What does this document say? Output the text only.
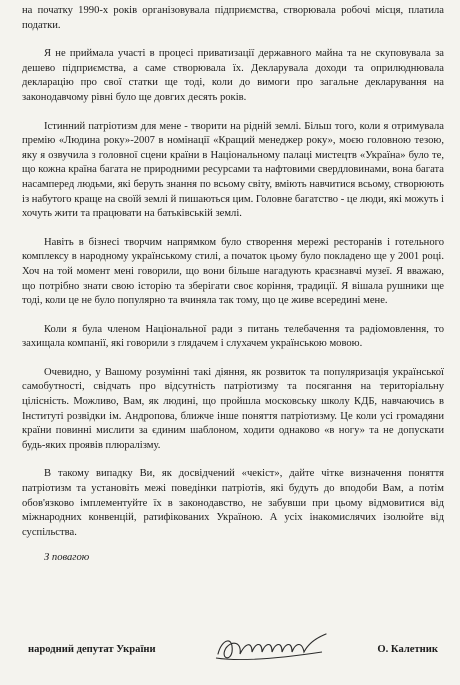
на початку 1990-х років організовувала підприємства, створювала робочі місця, платила податки.

Я не приймала участі в процесі приватизації державного майна та не скуповувала за дешево підприємства, а саме створювала їх. Декларувала доходи та оприлюднювала декларацію про свої статки ще тоді, коли до вимоги про загальне декларування на законодавчому рівні було ще довгих десять років.

Істинний патріотизм для мене - творити на рідній землі. Більш того, коли я отримувала премію «Людина року»-2007 в номінації «Кращий менеджер року», моєю головною тезою, яку я озвучила з головної сцени країни в Національному палаці мистецтв «Україна» було те, що кожна країна багата не природними ресурсами та нафтовими свердловинами, вона багата насамперед людьми, які беруть знання по всьому світу, вміють навчитися всьому, створюють із набутого краще на своїй землі й пишаються цим. Головне багатство - це люди, які можуть і хочуть жити та працювати на батьківській землі.

Навіть в бізнесі творчим напрямком було створення мережі ресторанів і готельного комплексу в народному українському стилі, а початок цьому було покладено ще у 2001 році. Хоч на той момент мені говорили, що вони більше нагадують краєзнавчі музеї. Я вважаю, що потрібно знати свою історію та зберігати своє коріння, традиції. Я вішала рушники ще тоді, коли це не було популярно та вчиняла так тому, що це живе всередині мене.

Коли я була членом Національної ради з питань телебачення та радіомовлення, то захищала компанії, які говорили з глядачем і слухачем українською мовою.

Очевидно, у Вашому розумінні такі діяння, як розвиток та популяризація української самобутності, свідчать про відсутність патріотизму та посягання на територіальну цілісність. Можливо, Вам, як людині, що пройшла московську школу КДБ, навчаючись в Інституті розвідки ім. Андропова, ближче інше поняття патріотизму. Це коли усі громадяни країни повинні мислити за єдиним шаблоном, ходити однаково «в ногу» та не допускати будь-яких проявів плюралізму.

В такому випадку Ви, як досвідчений «чекіст», дайте чітке визначення поняття патріотизм та установіть межі поведінки патріотів, які будуть до вподоби Вам, а потім обов'язково імплементуйте їх в законодавство, не забувши при цьому відмовитися від міжнародних конвенцій, ратифікованих Україною. А усіх інакомислячих ізолюйте від суспільства.

З повагою
народний депутат України	О. Калетник
